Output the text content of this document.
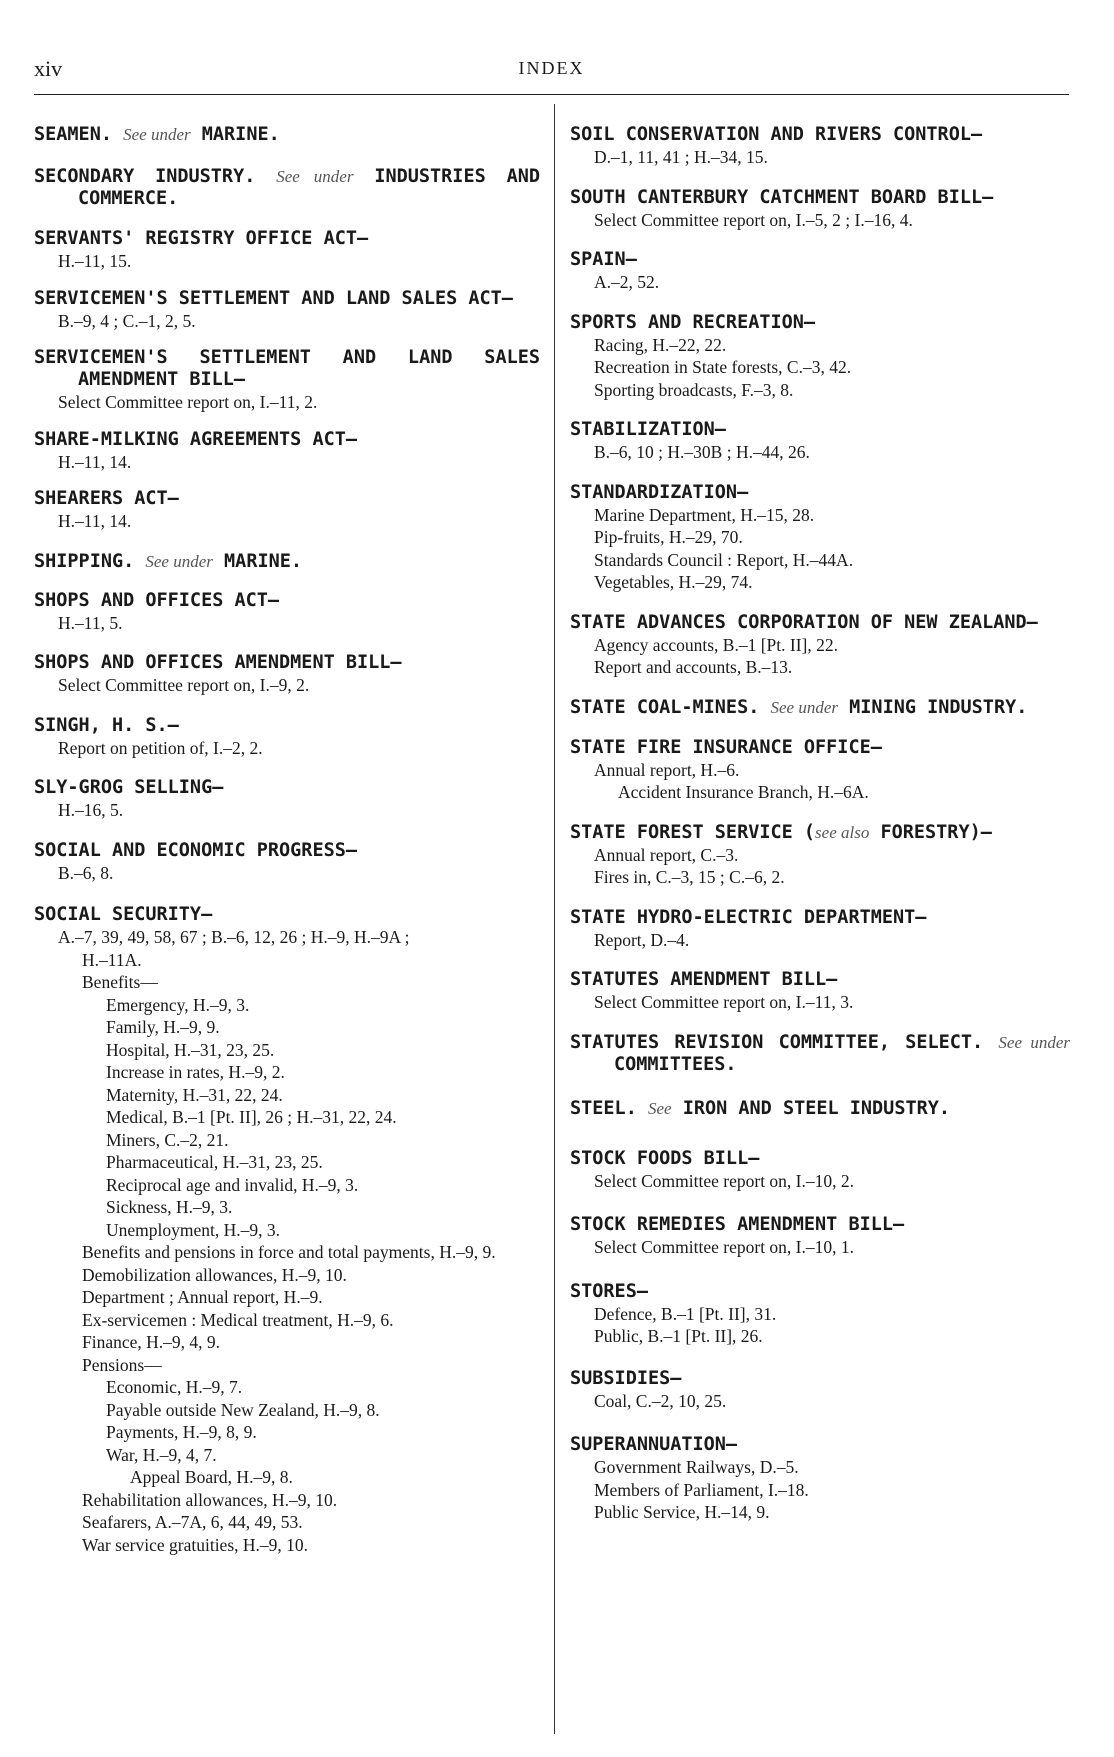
xiv	INDEX
SEAMEN. See under MARINE.
SECONDARY INDUSTRY. See under INDUSTRIES AND COMMERCE.
SERVANTS' REGISTRY OFFICE ACT—
H.–11, 15.
SERVICEMEN'S SETTLEMENT AND LAND SALES ACT—
B.–9, 4 ; C.–1, 2, 5.
SERVICEMEN'S SETTLEMENT AND LAND SALES AMENDMENT BILL—
Select Committee report on, I.–11, 2.
SHARE-MILKING AGREEMENTS ACT—
H.–11, 14.
SHEARERS ACT—
H.–11, 14.
SHIPPING. See under MARINE.
SHOPS AND OFFICES ACT—
H.–11, 5.
SHOPS AND OFFICES AMENDMENT BILL—
Select Committee report on, I.–9, 2.
SINGH, H. S.—
Report on petition of, I.–2, 2.
SLY-GROG SELLING—
H.–16, 5.
SOCIAL AND ECONOMIC PROGRESS—
B.–6, 8.
SOCIAL SECURITY—
A.–7, 39, 49, 58, 67 ; B.–6, 12, 26 ; H.–9, H.–9A ;
H.–11A.
Benefits—
Emergency, H.–9, 3.
Family, H.–9, 9.
Hospital, H.–31, 23, 25.
Increase in rates, H.–9, 2.
Maternity, H.–31, 22, 24.
Medical, B.–1 [Pt. II], 26 ; H.–31, 22, 24.
Miners, C.–2, 21.
Pharmaceutical, H.–31, 23, 25.
Reciprocal age and invalid, H.–9, 3.
Sickness, H.–9, 3.
Unemployment, H.–9, 3.
Benefits and pensions in force and total payments, H.–9, 9.
Demobilization allowances, H.–9, 10.
Department ; Annual report, H.–9.
Ex-servicemen : Medical treatment, H.–9, 6.
Finance, H.–9, 4, 9.
Pensions—
Economic, H.–9, 7.
Payable outside New Zealand, H.–9, 8.
Payments, H.–9, 8, 9.
War, H.–9, 4, 7.
Appeal Board, H.–9, 8.
Rehabilitation allowances, H.–9, 10.
Seafarers, A.–7A, 6, 44, 49, 53.
War service gratuities, H.–9, 10.
SOIL CONSERVATION AND RIVERS CONTROL—
D.–1, 11, 41 ; H.–34, 15.
SOUTH CANTERBURY CATCHMENT BOARD BILL—
Select Committee report on, I.–5, 2 ; I.–16, 4.
SPAIN—
A.–2, 52.
SPORTS AND RECREATION—
Racing, H.–22, 22.
Recreation in State forests, C.–3, 42.
Sporting broadcasts, F.–3, 8.
STABILIZATION—
B.–6, 10 ; H.–30B ; H.–44, 26.
STANDARDIZATION—
Marine Department, H.–15, 28.
Pip-fruits, H.–29, 70.
Standards Council : Report, H.–44A.
Vegetables, H.–29, 74.
STATE ADVANCES CORPORATION OF NEW ZEALAND—
Agency accounts, B.–1 [Pt. II], 22.
Report and accounts, B.–13.
STATE COAL-MINES. See under MINING INDUSTRY.
STATE FIRE INSURANCE OFFICE—
Annual report, H.–6.
Accident Insurance Branch, H.–6A.
STATE FOREST SERVICE (see also FORESTRY)—
Annual report, C.–3.
Fires in, C.–3, 15 ; C.–6, 2.
STATE HYDRO-ELECTRIC DEPARTMENT—
Report, D.–4.
STATUTES AMENDMENT BILL—
Select Committee report on, I.–11, 3.
STATUTES REVISION COMMITTEE, SELECT. See under COMMITTEES.
STEEL. See IRON AND STEEL INDUSTRY.
STOCK FOODS BILL—
Select Committee report on, I.–10, 2.
STOCK REMEDIES AMENDMENT BILL—
Select Committee report on, I.–10, 1.
STORES—
Defence, B.–1 [Pt. II], 31.
Public, B.–1 [Pt. II], 26.
SUBSIDIES—
Coal, C.–2, 10, 25.
SUPERANNUATION—
Government Railways, D.–5.
Members of Parliament, I.–18.
Public Service, H.–14, 9.
